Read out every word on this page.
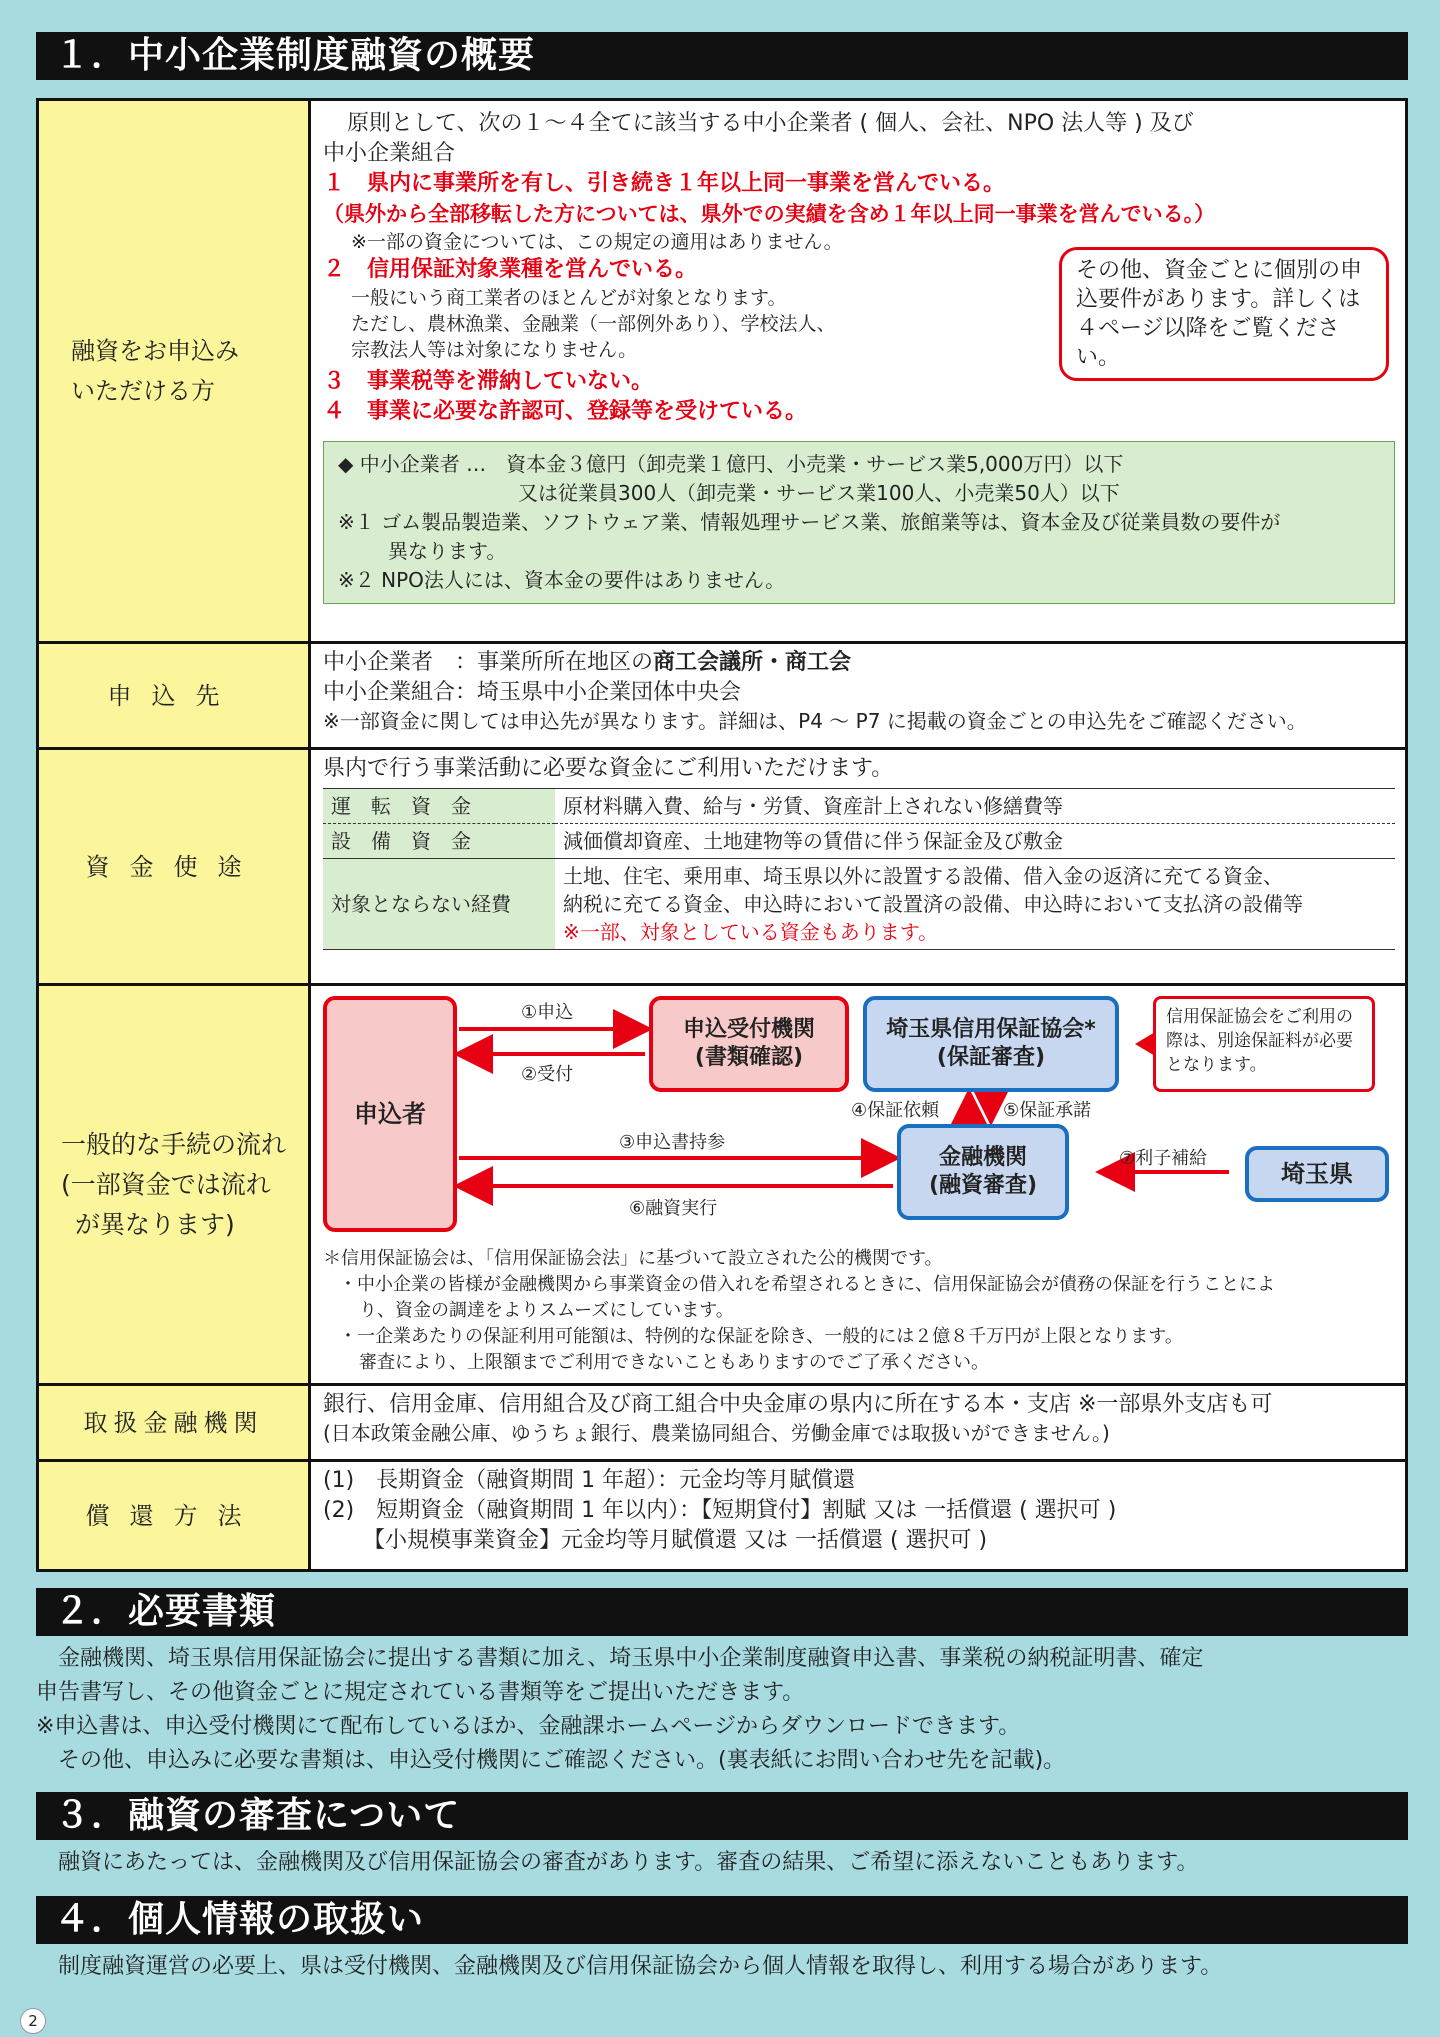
１．中小企業制度融資の概要
融資をお申込み
いただける方
原則として、次の１～４全てに該当する中小企業者 ( 個人、会社、NPO 法人等 ) 及び
中小企業組合
１　県内に事業所を有し、引き続き１年以上同一事業を営んでいる。
（県外から全部移転した方については、県外での実績を含め１年以上同一事業を営んでいる。）
※一部の資金については、この規定の適用はありません。
２　信用保証対象業種を営んでいる。
一般にいう商工業者のほとんどが対象となります。
ただし、農林漁業、金融業（一部例外あり）、学校法人、
宗教法人等は対象になりません。
３　事業税等を滞納していない。
４　事業に必要な許認可、登録等を受けている。
その他、資金ごとに個別の申込要件があります。詳しくは４ページ以降をご覧ください。
◆ 中小企業者 …　資本金３億円（卸売業１億円、小売業・サービス業5,000万円）以下
又は従業員300人（卸売業・サービス業100人、小売業50人）以下
※１ ゴム製品製造業、ソフトウェア業、情報処理サービス業、旅館業等は、資本金及び従業員数の要件が
異なります。
※２ NPO法人には、資本金の要件はありません。
申込先
中小企業者　：事業所所在地区の商工会議所・商工会
中小企業組合：埼玉県中小企業団体中央会
※一部資金に関しては申込先が異なります。詳細は、P4 ～ P7 に掲載の資金ごとの申込先をご確認ください。
資金使途
県内で行う事業活動に必要な資金にご利用いただけます。
運　転　資　金	原材料購入費、給与・労賃、資産計上されない修繕費等
設　備　資　金	減価償却資産、土地建物等の賃借に伴う保証金及び敷金
対象とならない経費	土地、住宅、乗用車、埼玉県以外に設置する設備、借入金の返済に充てる資金、
納税に充てる資金、申込時において設置済の設備、申込時において支払済の設備等
※一部、対象としている資金もあります。
一般的な手続の流れ
(一部資金では流れ
が異なります)
申込者
申込受付機関
(書類確認)
埼玉県信用保証協会*
(保証審査)
金融機関
(融資審査)	埼玉県
信用保証協会をご利用の際は、別途保証料が必要となります。
①申込
②受付
③申込書持参
④保証依頼	⑤保証承諾
⑥融資実行
⑦利子補給
＊信用保証協会は、「信用保証協会法」に基づいて設立された公的機関です。
・中小企業の皆様が金融機関から事業資金の借入れを希望されるときに、信用保証協会が債務の保証を行うことによ
り、資金の調達をよりスムーズにしています。
・一企業あたりの保証利用可能額は、特例的な保証を除き、一般的には２億８千万円が上限となります。
審査により、上限額までご利用できないこともありますのでご了承ください。
取扱金融機関
銀行、信用金庫、信用組合及び商工組合中央金庫の県内に所在する本・支店 ※一部県外支店も可
(日本政策金融公庫、ゆうちょ銀行、農業協同組合、労働金庫では取扱いができません。)
償還方法
(1)　長期資金（融資期間 1 年超）：元金均等月賦償還
(2)　短期資金（融資期間 1 年以内）：【短期貸付】割賦 又は 一括償還 ( 選択可 )
【小規模事業資金】元金均等月賦償還 又は 一括償還 ( 選択可 )
２．必要書類
　金融機関、埼玉県信用保証協会に提出する書類に加え、埼玉県中小企業制度融資申込書、事業税の納税証明書、確定
申告書写し、その他資金ごとに規定されている書類等をご提出いただきます。
※申込書は、申込受付機関にて配布しているほか、金融課ホームページからダウンロードできます。
　その他、申込みに必要な書類は、申込受付機関にご確認ください。(裏表紙にお問い合わせ先を記載)。
３．融資の審査について
　融資にあたっては、金融機関及び信用保証協会の審査があります。審査の結果、ご希望に添えないこともあります。
４．個人情報の取扱い
　制度融資運営の必要上、県は受付機関、金融機関及び信用保証協会から個人情報を取得し、利用する場合があります。
2
